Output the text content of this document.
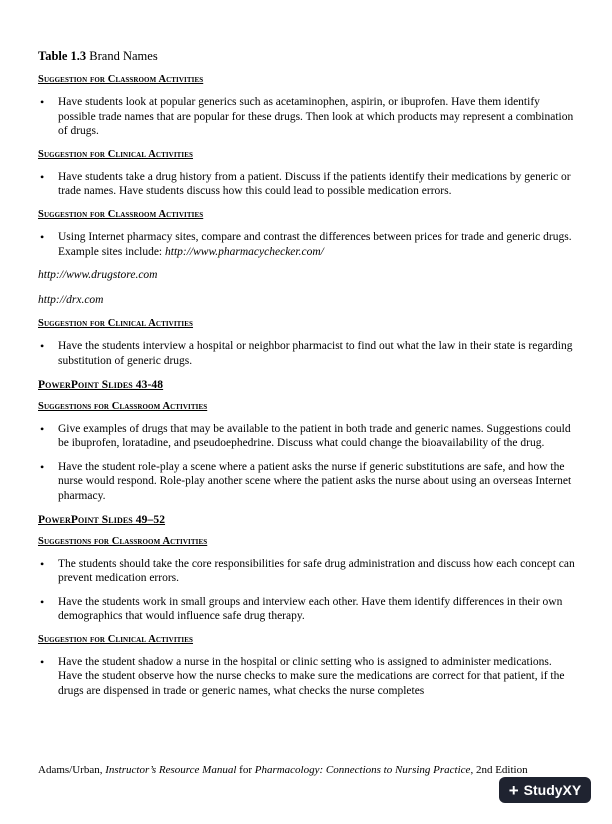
Table 1.3 Brand Names

Suggestion for Classroom Activities
• Have students look at popular generics such as acetaminophen, aspirin, or ibuprofen. Have them identify possible trade names that are popular for these drugs. Then look at which products may represent a combination of drugs.
Suggestion for Clinical Activities
• Have students take a drug history from a patient. Discuss if the patients identify their medications by generic or trade names. Have students discuss how this could lead to possible medication errors.
Suggestion for Classroom Activities
• Using Internet pharmacy sites, compare and contrast the differences between prices for trade and generic drugs. Example sites include: http://www.pharmacychecker.com/

http://www.drugstore.com

http://drx.com

Suggestion for Clinical Activities
• Have the students interview a hospital or neighbor pharmacist to find out what the law in their state is regarding substitution of generic drugs.
PowerPoint Slides 43-48
Suggestions for Classroom Activities
• Give examples of drugs that may be available to the patient in both trade and generic names. Suggestions could be ibuprofen, loratadine, and pseudoephedrine. Discuss what could change the bioavailability of the drug.
• Have the student role-play a scene where a patient asks the nurse if generic substitutions are safe, and how the nurse would respond. Role-play another scene where the patient asks the nurse about using an overseas Internet pharmacy.
PowerPoint Slides 49–52
Suggestions for Classroom Activities
• The students should take the core responsibilities for safe drug administration and discuss how each concept can prevent medication errors.
• Have the students work in small groups and interview each other. Have them identify differences in their own demographics that would influence safe drug therapy.
Suggestion for Clinical Activities
• Have the student shadow a nurse in the hospital or clinic setting who is assigned to administer medications. Have the student observe how the nurse checks to make sure the medications are correct for that patient, if the drugs are dispensed in trade or generic names, what checks the nurse completes
Adams/Urban, Instructor’s Resource Manual for Pharmacology: Connections to Nursing Practice, 2nd Edition
+ StudyXY
